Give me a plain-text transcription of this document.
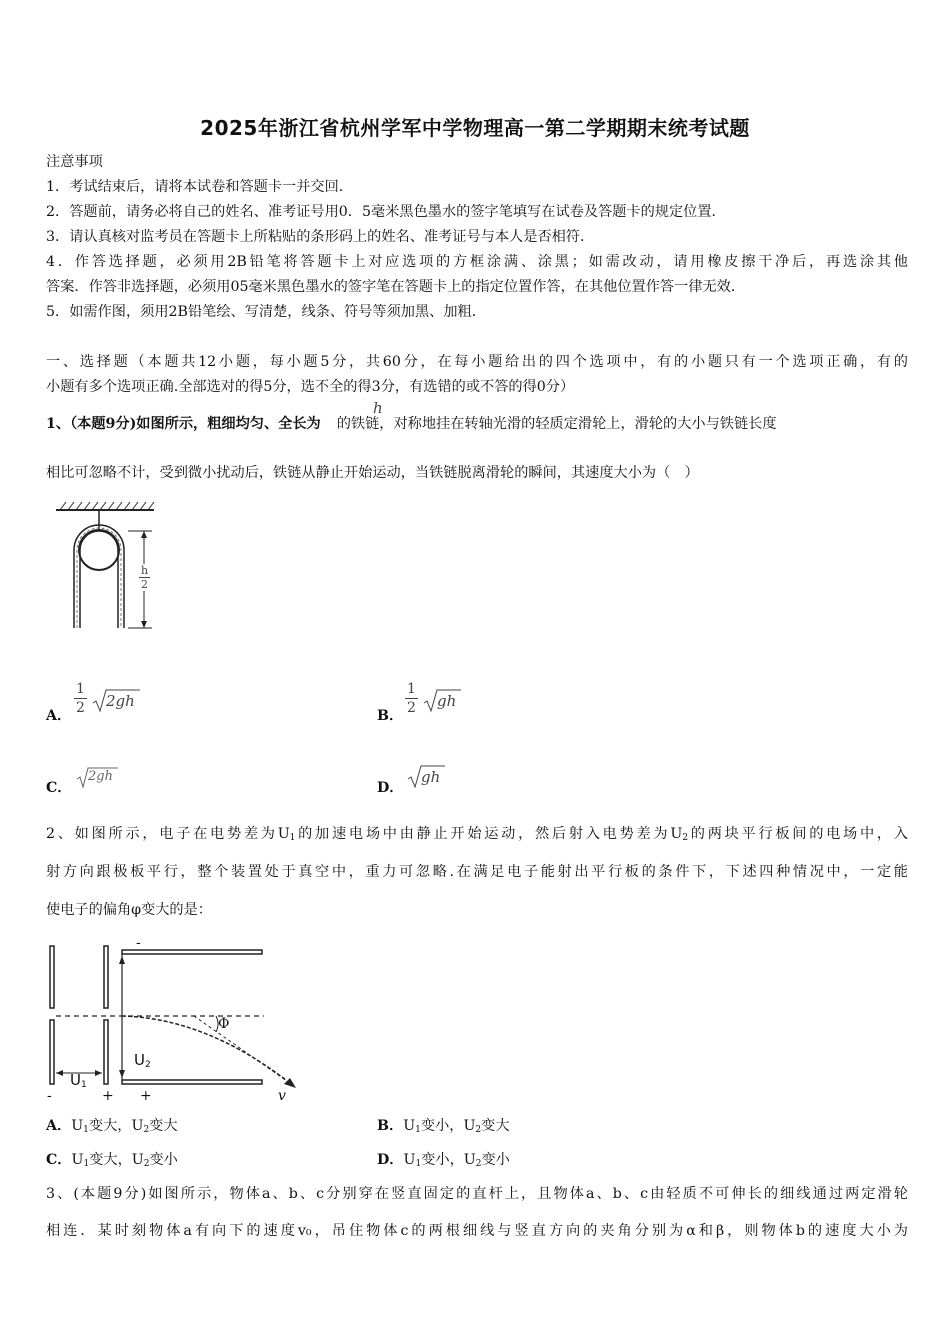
2025年浙江省杭州学军中学物理高一第二学期期末统考试题
注意事项
1．考试结束后，请将本试卷和答题卡一并交回．
2．答题前，请务必将自己的姓名、准考证号用0．5毫米黑色墨水的签字笔填写在试卷及答题卡的规定位置．
3．请认真核对监考员在答题卡上所粘贴的条形码上的姓名、准考证号与本人是否相符．
4．作答选择题，必须用2B铅笔将答题卡上对应选项的方框涂满、涂黑；如需改动，请用橡皮擦干净后，再选涂其他
答案．作答非选择题，必须用05毫米黑色墨水的签字笔在答题卡上的指定位置作答，在其他位置作答一律无效．
5．如需作图，须用2B铅笔绘、写清楚，线条、符号等须加黑、加粗．
一、选择题（本题共12小题，每小题5分，共60分，在每小题给出的四个选项中，有的小题只有一个选项正确，有的
小题有多个选项正确.全部选对的得5分，选不全的得3分，有选错的或不答的得0分）
1、（本题9分)如图所示，粗细均匀、全长为 的铁链，对称地挂在转轴光滑的轻质定滑轮上，滑轮的大小与铁链长度
h
相比可忽略不计，受到微小扰动后，铁链从静止开始运动，当铁链脱离滑轮的瞬间，其速度大小为（　）
$\frac{h}{2}$
A． $\frac{1}{2} 2gh$
B． $\frac{1}{2}$ gh
C．
2gh
D．
gh
2、如图所示，电子在电势差为$U_1$的加速电场中由静止开始运动，然后射入电势差为$U_2$的两块平行板间的电场中，入
射方向跟极板平行，整个装置处于真空中，重力可忽略.在满足电子能射出平行板的条件下，下述四种情况中，一定能
使电子的偏角φ变大的是：
-
-	+ +
$U_1$
$U_2$
Φ
v
A．$U_1$变大，$U_2$变大	B．$U_1$变小，$U_2$变大
C．$U_1$变大，$U_2$变小	D．$U_1$变小，$U_2$变小
3、(本题9分)如图所示，物体a、b、c分别穿在竖直固定的直杆上，且物体a、b、c由轻质不可伸长的细线通过两定滑轮
相连．某时刻物体a有向下的速度v₀，吊住物体c的两根细线与竖直方向的夹角分别为α和β，则物体b的速度大小为
